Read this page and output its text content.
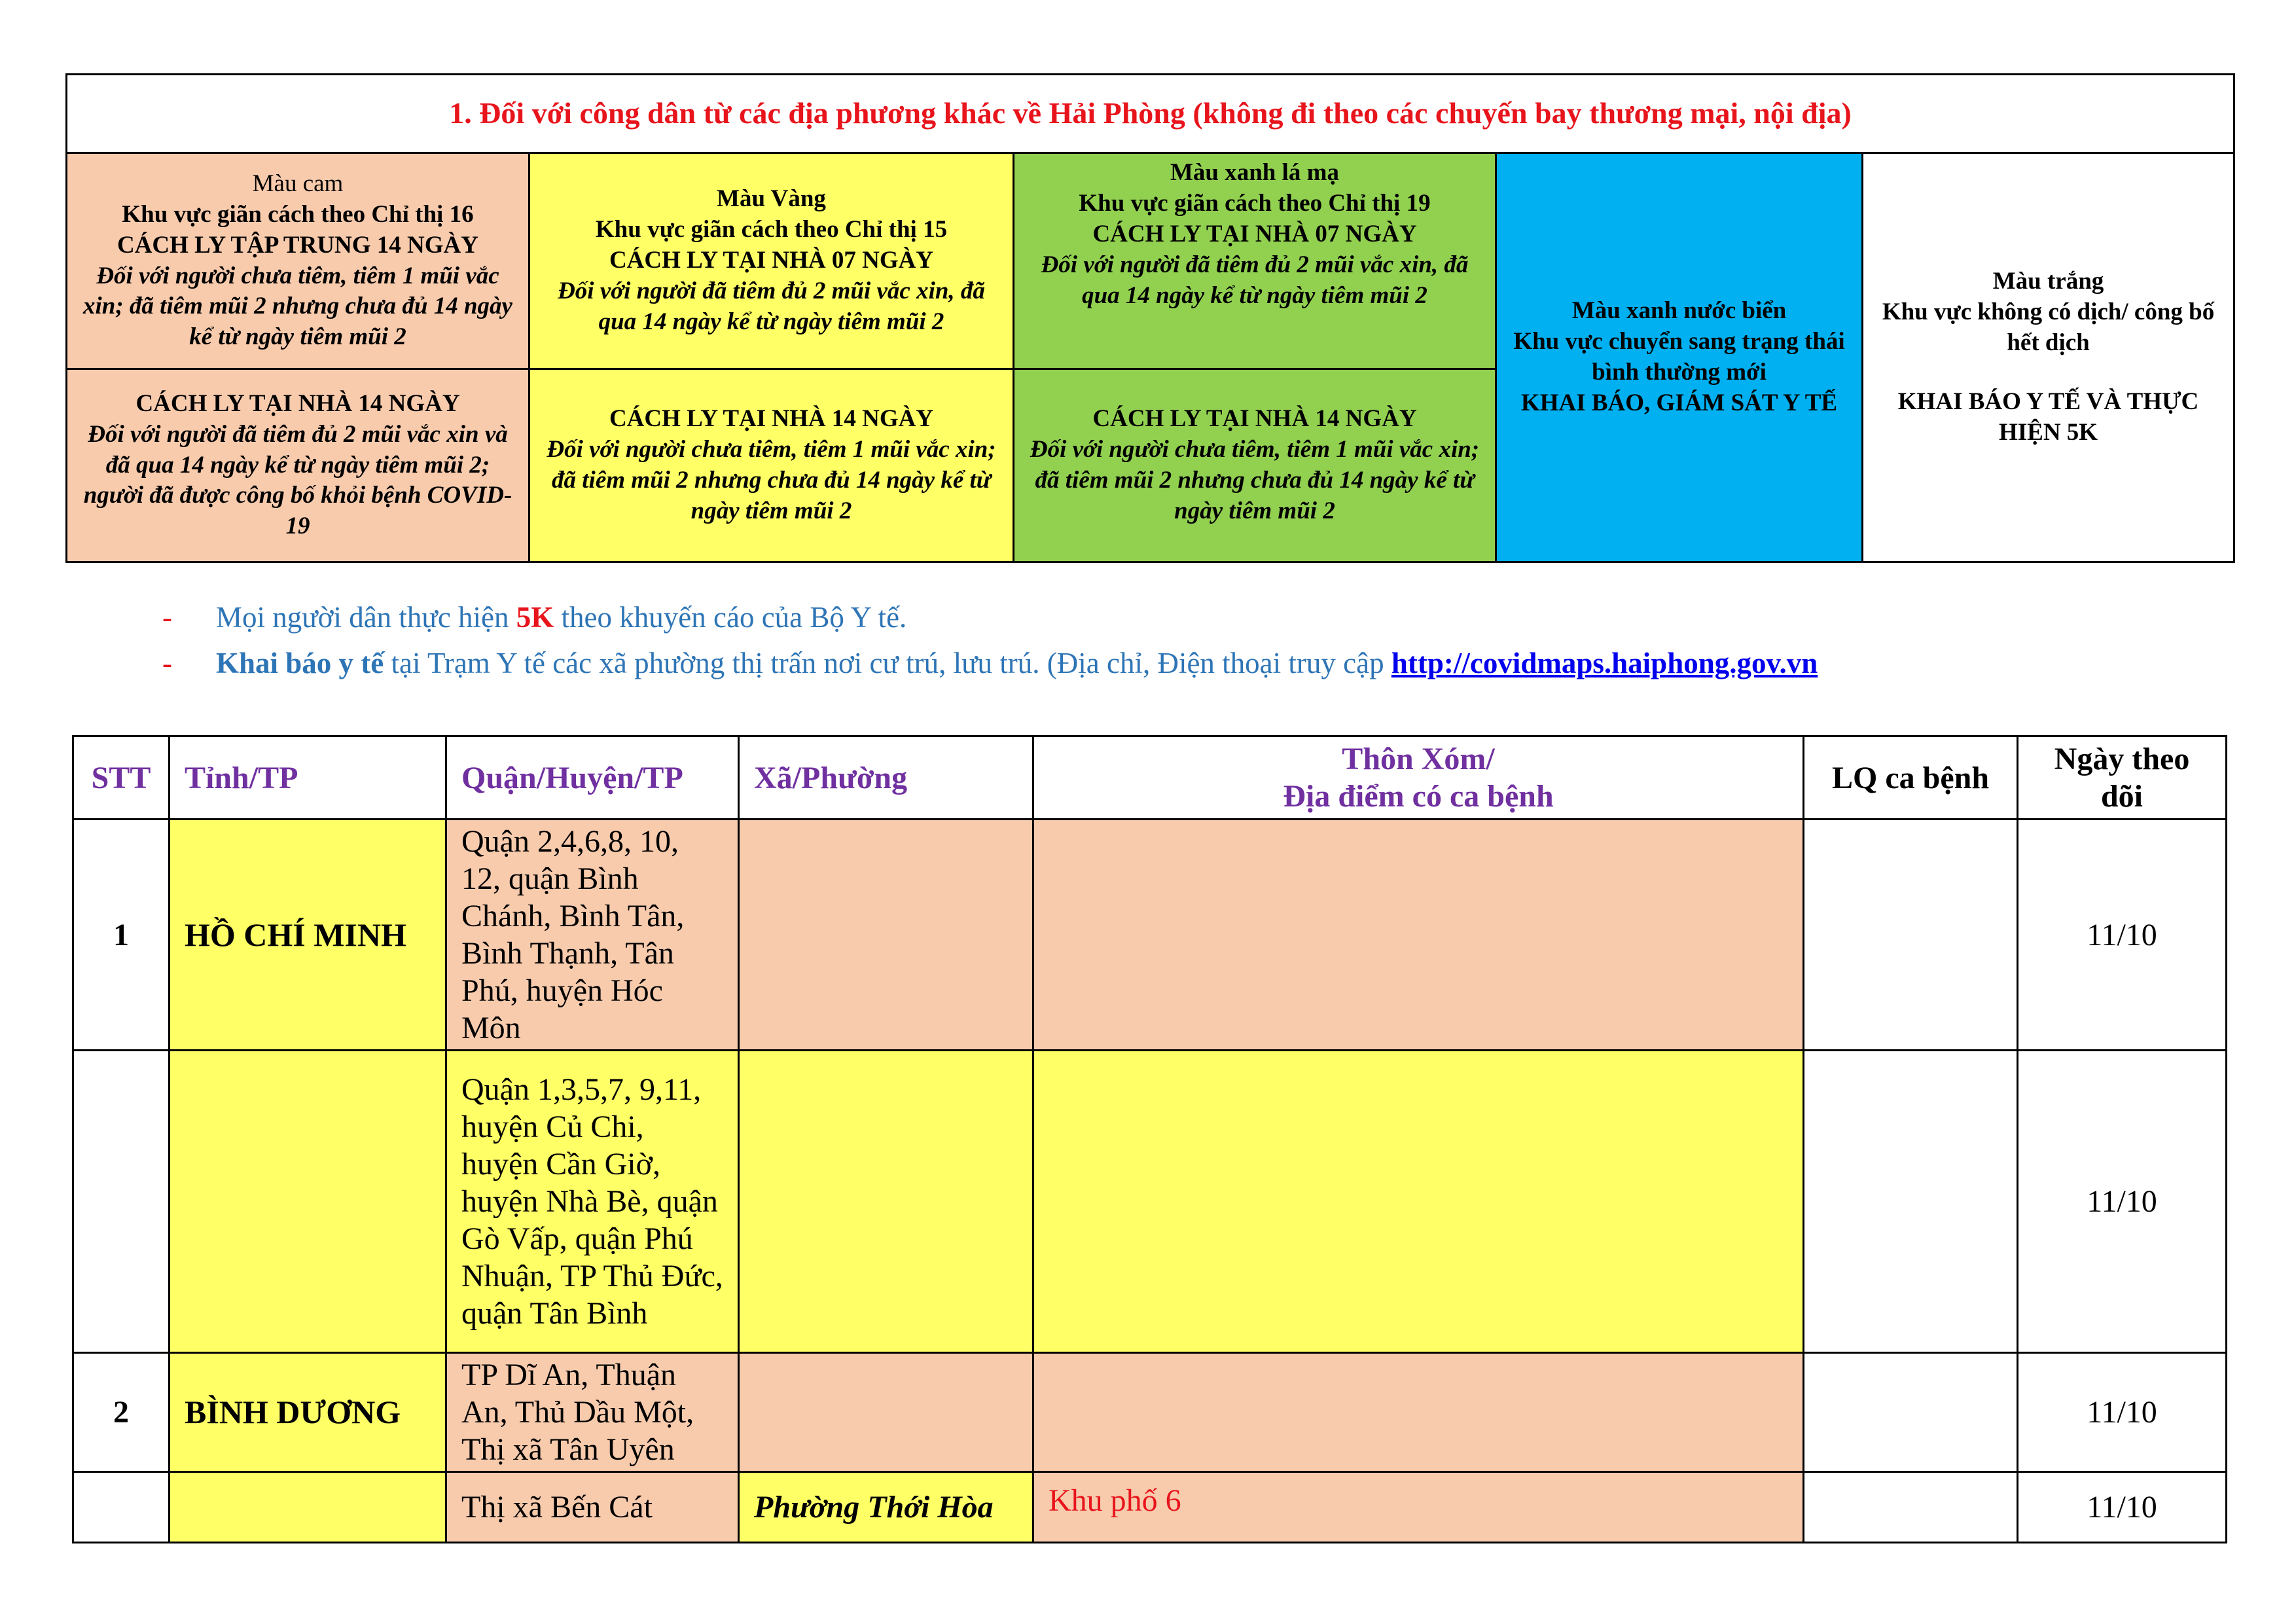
1. Đối với công dân từ các địa phương khác về Hải Phòng (không đi theo các chuyến bay thương mại, nội địa)				

Màu cam
Khu vực giãn cách theo Chỉ thị 16
CÁCH LY TẬP TRUNG 14 NGÀY
Đối với người chưa tiêm, tiêm 1 mũi vắc xin; đã tiêm mũi 2 nhưng chưa đủ 14 ngày kể từ ngày tiêm mũi 2	Màu Vàng
Khu vực giãn cách theo Chỉ thị 15
CÁCH LY TẠI NHÀ 07 NGÀY
Đối với người đã tiêm đủ 2 mũi vắc xin, đã qua 14 ngày kể từ ngày tiêm mũi 2	Màu xanh lá mạ
Khu vực giãn cách theo Chỉ thị 19
CÁCH LY TẠI NHÀ 07 NGÀY
Đối với người đã tiêm đủ 2 mũi vắc xin, đã qua 14 ngày kể từ ngày tiêm mũi 2	Màu xanh nước biển
Khu vực chuyển sang trạng thái bình thường mới
KHAI BÁO, GIÁM SÁT Y TẾ	Màu trắng
Khu vực không có dịch/ công bố hết dịch
KHAI BÁO Y TẾ VÀ THỰC HIỆN 5K

CÁCH LY TẠI NHÀ 14 NGÀY
Đối với người đã tiêm đủ 2 mũi vắc xin và đã qua 14 ngày kể từ ngày tiêm mũi 2; người đã được công bố khỏi bệnh COVID-19	CÁCH LY TẠI NHÀ 14 NGÀY
Đối với người chưa tiêm, tiêm 1 mũi vắc xin; đã tiêm mũi 2 nhưng chưa đủ 14 ngày kể từ ngày tiêm mũi 2	CÁCH LY TẠI NHÀ 14 NGÀY
Đối với người chưa tiêm, tiêm 1 mũi vắc xin; đã tiêm mũi 2 nhưng chưa đủ 14 ngày kể từ ngày tiêm mũi 2		
- Mọi người dân thực hiện 5K theo khuyến cáo của Bộ Y tế.
- Khai báo y tế tại Trạm Y tế các xã phường thị trấn nơi cư trú, lưu trú. (Địa chỉ, Điện thoại truy cập http://covidmaps.haiphong.gov.vn
STT	Tỉnh/TP	Quận/Huyện/TP	Xã/Phường	Thôn Xóm/
Địa điểm có ca bệnh	LQ ca bệnh	Ngày theo dõi
1	HỒ CHÍ MINH	Quận 2,4,6,8, 10, 12, quận Bình Chánh, Bình Tân, Bình Thạnh, Tân Phú, huyện Hóc Môn				11/10
		Quận 1,3,5,7, 9,11, huyện Củ Chi, huyện Cần Giờ, huyện Nhà Bè, quận Gò Vấp, quận Phú Nhuận, TP Thủ Đức, quận Tân Bình				11/10
2	BÌNH DƯƠNG	TP Dĩ An, Thuận An, Thủ Dầu Một, Thị xã Tân Uyên				11/10
		Thị xã Bến Cát	Phường Thới Hòa	Khu phố 6		11/10
